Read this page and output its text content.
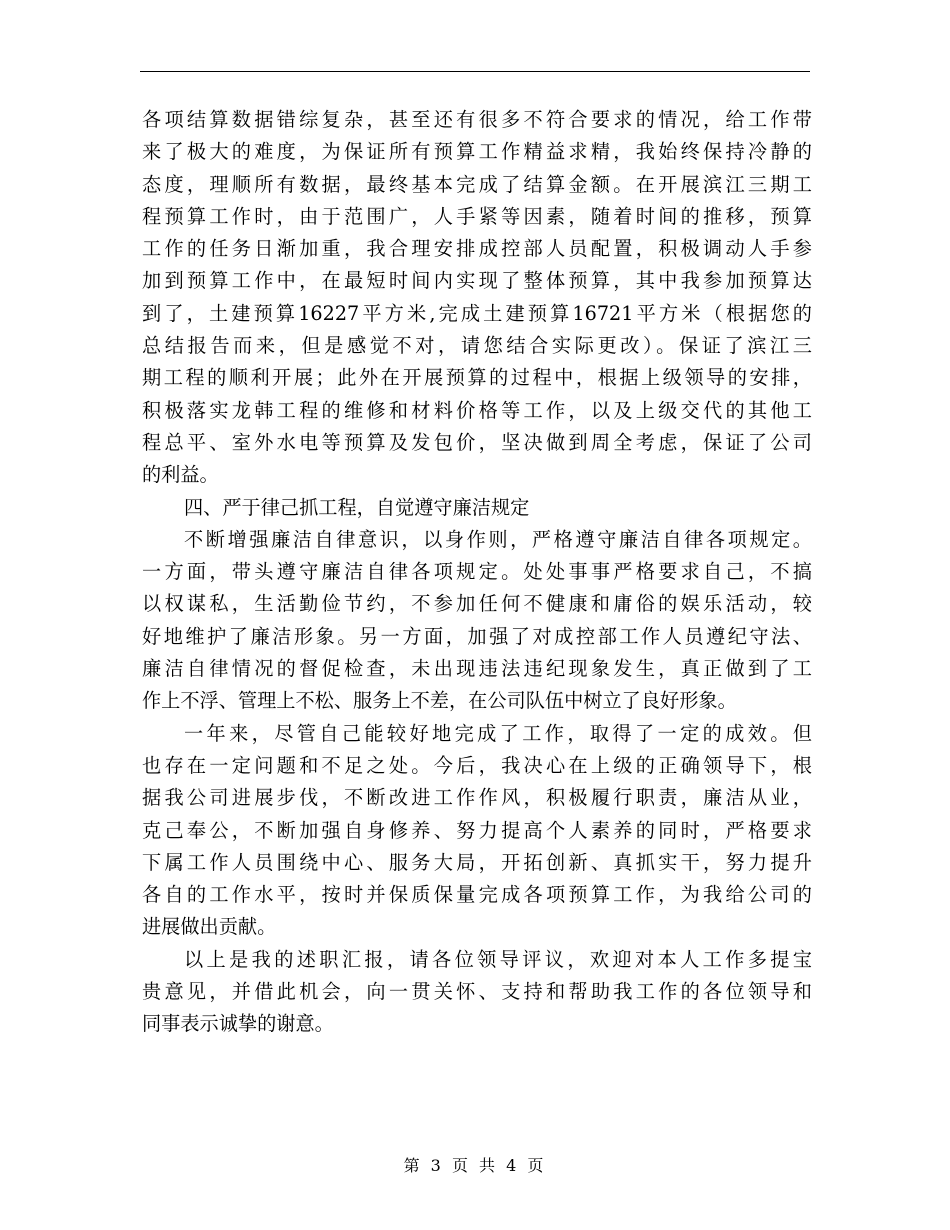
各项结算数据错综复杂，甚至还有很多不符合要求的情况，给工作带
来了极大的难度，为保证所有预算工作精益求精，我始终保持冷静的
态度，理顺所有数据，最终基本完成了结算金额。在开展滨江三期工
程预算工作时，由于范围广，人手紧等因素，随着时间的推移，预算
工作的任务日渐加重，我合理安排成控部人员配置，积极调动人手参
加到预算工作中，在最短时间内实现了整体预算，其中我参加预算达
到了，土建预算16227平方米,完成土建预算16721平方米（根据您的
总结报告而来，但是感觉不对，请您结合实际更改）。保证了滨江三
期工程的顺利开展；此外在开展预算的过程中，根据上级领导的安排，
积极落实龙韩工程的维修和材料价格等工作，以及上级交代的其他工
程总平、室外水电等预算及发包价，坚决做到周全考虑，保证了公司
的利益。
四、严于律己抓工程，自觉遵守廉洁规定
不断增强廉洁自律意识，以身作则，严格遵守廉洁自律各项规定。
一方面，带头遵守廉洁自律各项规定。处处事事严格要求自己，不搞
以权谋私，生活勤俭节约，不参加任何不健康和庸俗的娱乐活动，较
好地维护了廉洁形象。另一方面，加强了对成控部工作人员遵纪守法、
廉洁自律情况的督促检查，未出现违法违纪现象发生，真正做到了工
作上不浮、管理上不松、服务上不差，在公司队伍中树立了良好形象。
一年来，尽管自己能较好地完成了工作，取得了一定的成效。但
也存在一定问题和不足之处。今后，我决心在上级的正确领导下，根
据我公司进展步伐，不断改进工作作风，积极履行职责，廉洁从业，
克己奉公，不断加强自身修养、努力提高个人素养的同时，严格要求
下属工作人员围绕中心、服务大局，开拓创新、真抓实干，努力提升
各自的工作水平，按时并保质保量完成各项预算工作，为我给公司的
进展做出贡献。
以上是我的述职汇报，请各位领导评议，欢迎对本人工作多提宝
贵意见，并借此机会，向一贯关怀、支持和帮助我工作的各位领导和
同事表示诚挚的谢意。
第 3 页 共 4 页
